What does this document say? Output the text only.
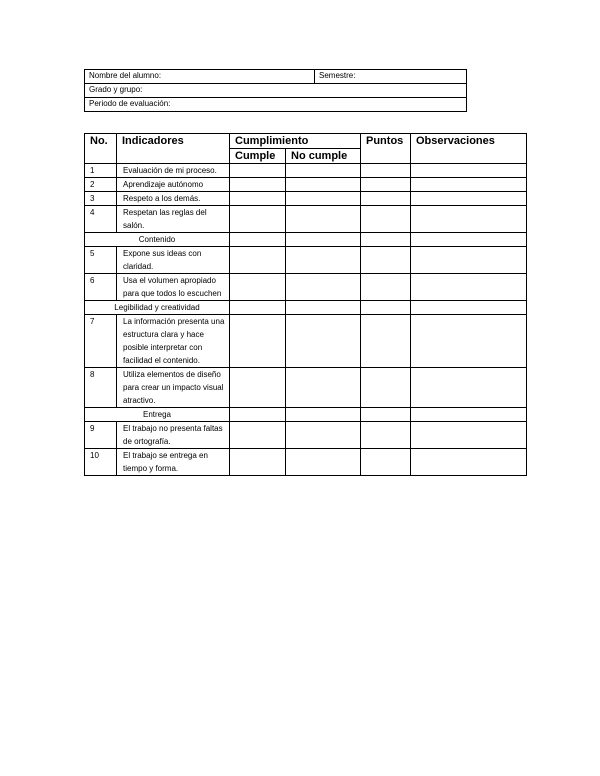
Nombre del alumno:	Semestre:
Grado y grupo:
Periodo de evaluación:
No.	Indicadores	Cumplimiento		Puntos	Observaciones
		Cumple	No cumple		
1	Evaluación de mi proceso.				
2	Aprendizaje autónomo				
3	Respeto a los demás.				
4	Respetan las reglas del salón.				
Contenido					
5	Expone sus ideas con claridad.				
6	Usa el volumen apropiado para que todos lo escuchen				
Legibilidad y creatividad					
7	La información presenta una estructura clara y hace posible interpretar con facilidad el contenido.				
8	Utiliza elementos de diseño para crear un impacto visual atractivo.				
Entrega					
9	El trabajo no presenta faltas de ortografía.				
10	El trabajo se entrega en tiempo y forma.				
